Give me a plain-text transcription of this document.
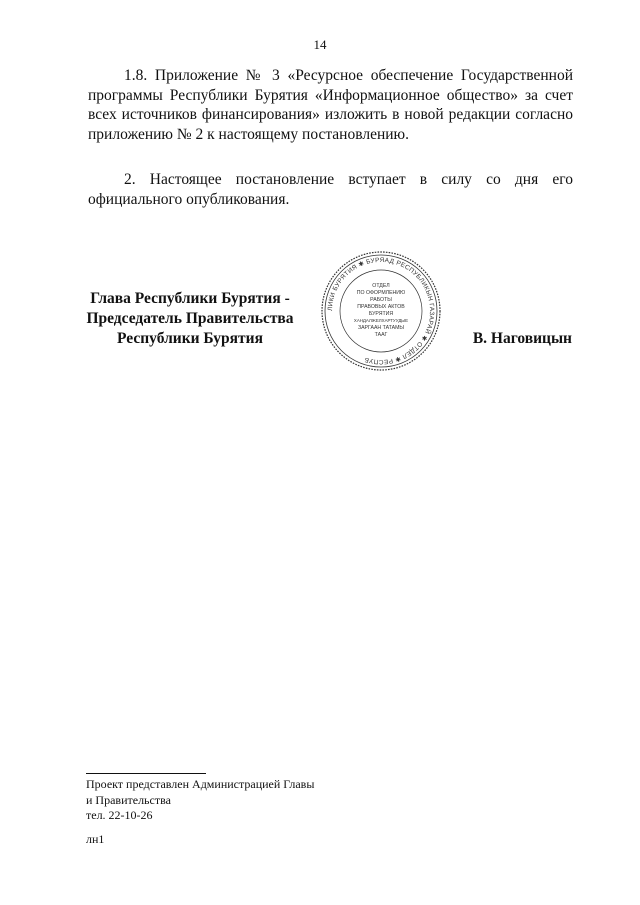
14

1.8. Приложение № 3 «Ресурсное обеспечение Государственной программы Республики Бурятия «Информационное общество» за счет всех источников финансирования» изложить в новой редакции согласно приложению № 2 к настоящему постановлению.

2. Настоящее постановление вступает в силу со дня его официального опубликования.

Глава Республики Бурятия -
Председатель Правительства
Республики Бурятия
ЛИКИ БУРЯТИЯ ✱ БУРЯАД РЕСПУБЛИКЫН ГАЗАРАЙ ✱ ОТДЕЛ ✱ РЕСПУБ
ОТДЕЛ
ПО ОФОРМЛЕНИЮ
РАБОТЫ
ПРАВОВЫХ АКТОВ
БУРЯТИЯ
ХАНДАЛЖЕЛХАРТУУДЫЕ
ЗАРГААН ТАТАМЫ
ТААГ	В. Наговицын
Проект представлен Администрацией Главы
и Правительства
тел. 22-10-26
лн1
